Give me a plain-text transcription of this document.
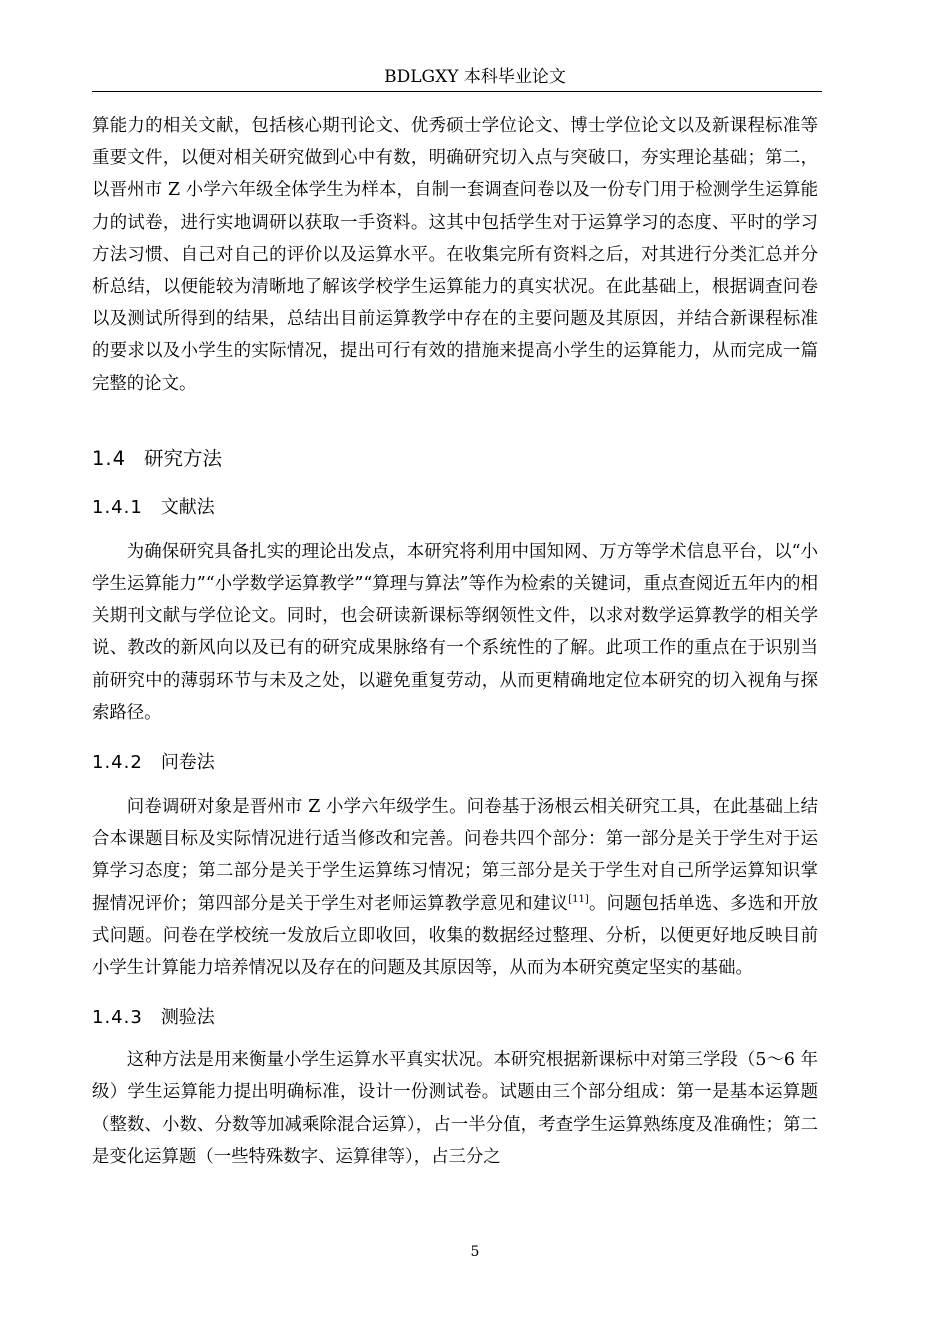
BDLGXY 本科毕业论文

算能力的相关文献，包括核心期刊论文、优秀硕士学位论文、博士学位论文以及新课程标准等重要文件，以便对相关研究做到心中有数，明确研究切入点与突破口，夯实理论基础；第二，以晋州市 Z 小学六年级全体学生为样本，自制一套调查问卷以及一份专门用于检测学生运算能力的试卷，进行实地调研以获取一手资料。这其中包括学生对于运算学习的态度、平时的学习方法习惯、自己对自己的评价以及运算水平。在收集完所有资料之后，对其进行分类汇总并分析总结，以便能较为清晰地了解该学校学生运算能力的真实状况。在此基础上，根据调查问卷以及测试所得到的结果，总结出目前运算教学中存在的主要问题及其原因，并结合新课程标准的要求以及小学生的实际情况，提出可行有效的措施来提高小学生的运算能力，从而完成一篇完整的论文。

1.4 研究方法
1.4.1 文献法

为确保研究具备扎实的理论出发点，本研究将利用中国知网、万方等学术信息平台，以“小学生运算能力”“小学数学运算教学”“算理与算法”等作为检索的关键词，重点查阅近五年内的相关期刊文献与学位论文。同时，也会研读新课标等纲领性文件，以求对数学运算教学的相关学说、教改的新风向以及已有的研究成果脉络有一个系统性的了解。此项工作的重点在于识别当前研究中的薄弱环节与未及之处，以避免重复劳动，从而更精确地定位本研究的切入视角与探索路径。

1.4.2 问卷法

问卷调研对象是晋州市 Z 小学六年级学生。问卷基于汤根云相关研究工具，在此基础上结合本课题目标及实际情况进行适当修改和完善。问卷共四个部分：第一部分是关于学生对于运算学习态度；第二部分是关于学生运算练习情况；第三部分是关于学生对自己所学运算知识掌握情况评价；第四部分是关于学生对老师运算教学意见和建议[11]。问题包括单选、多选和开放式问题。问卷在学校统一发放后立即收回，收集的数据经过整理、分析，以便更好地反映目前小学生计算能力培养情况以及存在的问题及其原因等，从而为本研究奠定坚实的基础。

1.4.3 测验法

这种方法是用来衡量小学生运算水平真实状况。本研究根据新课标中对第三学段（5～6 年级）学生运算能力提出明确标准，设计一份测试卷。试题由三个部分组成：第一是基本运算题（整数、小数、分数等加减乘除混合运算），占一半分值，考查学生运算熟练度及准确性；第二是变化运算题（一些特殊数字、运算律等），占三分之

5
